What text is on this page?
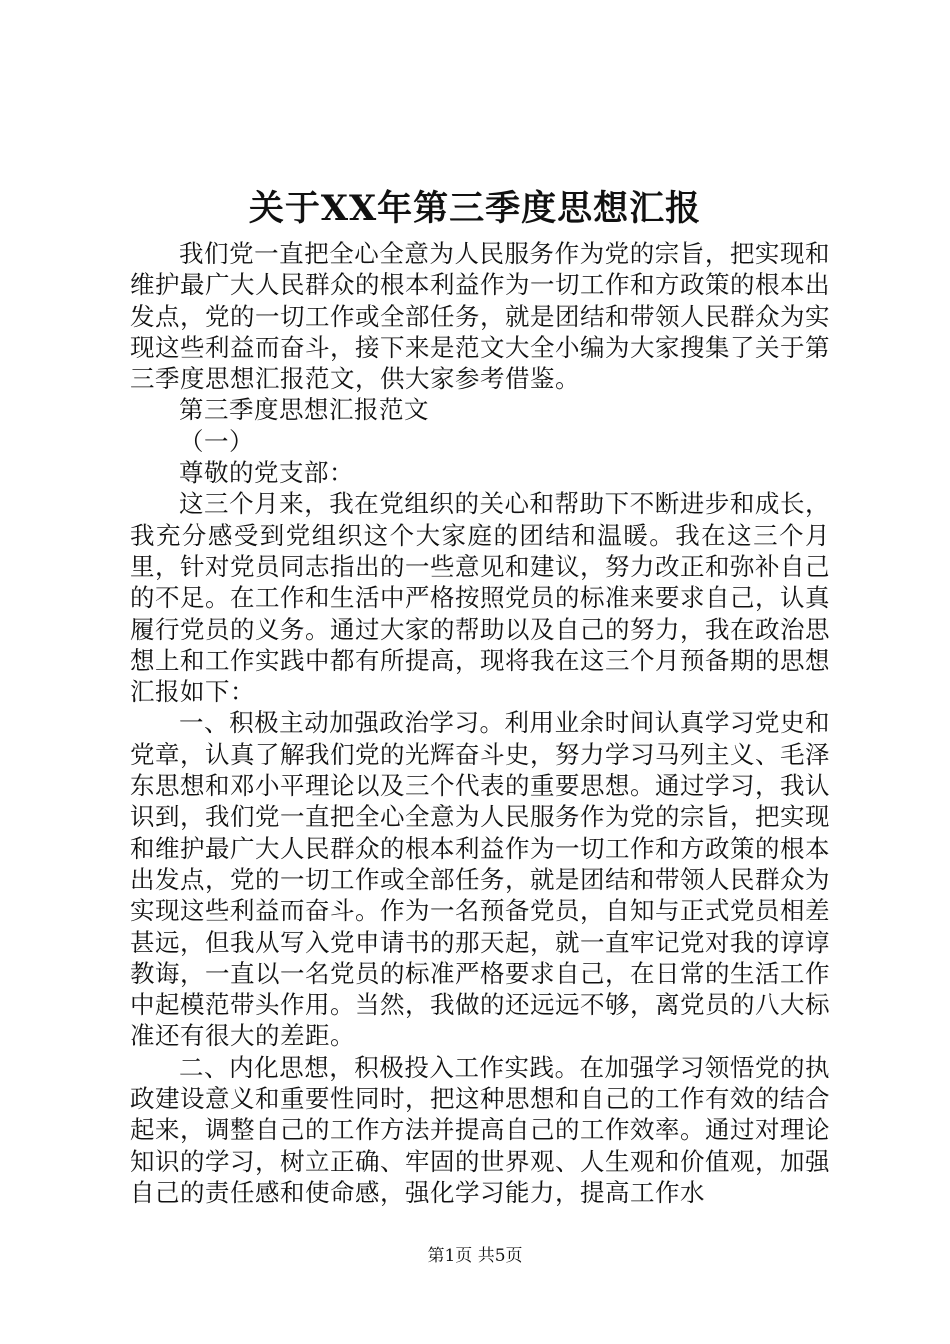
关于XX年第三季度思想汇报

我们党一直把全心全意为人民服务作为党的宗旨，把实现和维护最广大人民群众的根本利益作为一切工作和方政策的根本出发点，党的一切工作或全部任务，就是团结和带领人民群众为实现这些利益而奋斗，接下来是范文大全小编为大家搜集了关于第三季度思想汇报范文，供大家参考借鉴。

第三季度思想汇报范文

（一）

尊敬的党支部：

这三个月来，我在党组织的关心和帮助下不断进步和成长，我充分感受到党组织这个大家庭的团结和温暖。我在这三个月里，针对党员同志指出的一些意见和建议，努力改正和弥补自己的不足。在工作和生活中严格按照党员的标准来要求自己，认真履行党员的义务。通过大家的帮助以及自己的努力，我在政治思想上和工作实践中都有所提高，现将我在这三个月预备期的思想汇报如下：

一、积极主动加强政治学习。利用业余时间认真学习党史和党章，认真了解我们党的光辉奋斗史，努力学习马列主义、毛泽东思想和邓小平理论以及三个代表的重要思想。通过学习，我认识到，我们党一直把全心全意为人民服务作为党的宗旨，把实现和维护最广大人民群众的根本利益作为一切工作和方政策的根本出发点，党的一切工作或全部任务，就是团结和带领人民群众为实现这些利益而奋斗。作为一名预备党员，自知与正式党员相差甚远，但我从写入党申请书的那天起，就一直牢记党对我的谆谆教诲，一直以一名党员的标准严格要求自己，在日常的生活工作中起模范带头作用。当然，我做的还远远不够，离党员的八大标准还有很大的差距。

二、内化思想，积极投入工作实践。在加强学习领悟党的执政建设意义和重要性同时，把这种思想和自己的工作有效的结合起来，调整自己的工作方法并提高自己的工作效率。通过对理论知识的学习，树立正确、牢固的世界观、人生观和价值观，加强自己的责任感和使命感，强化学习能力，提高工作水

第1页 共5页
